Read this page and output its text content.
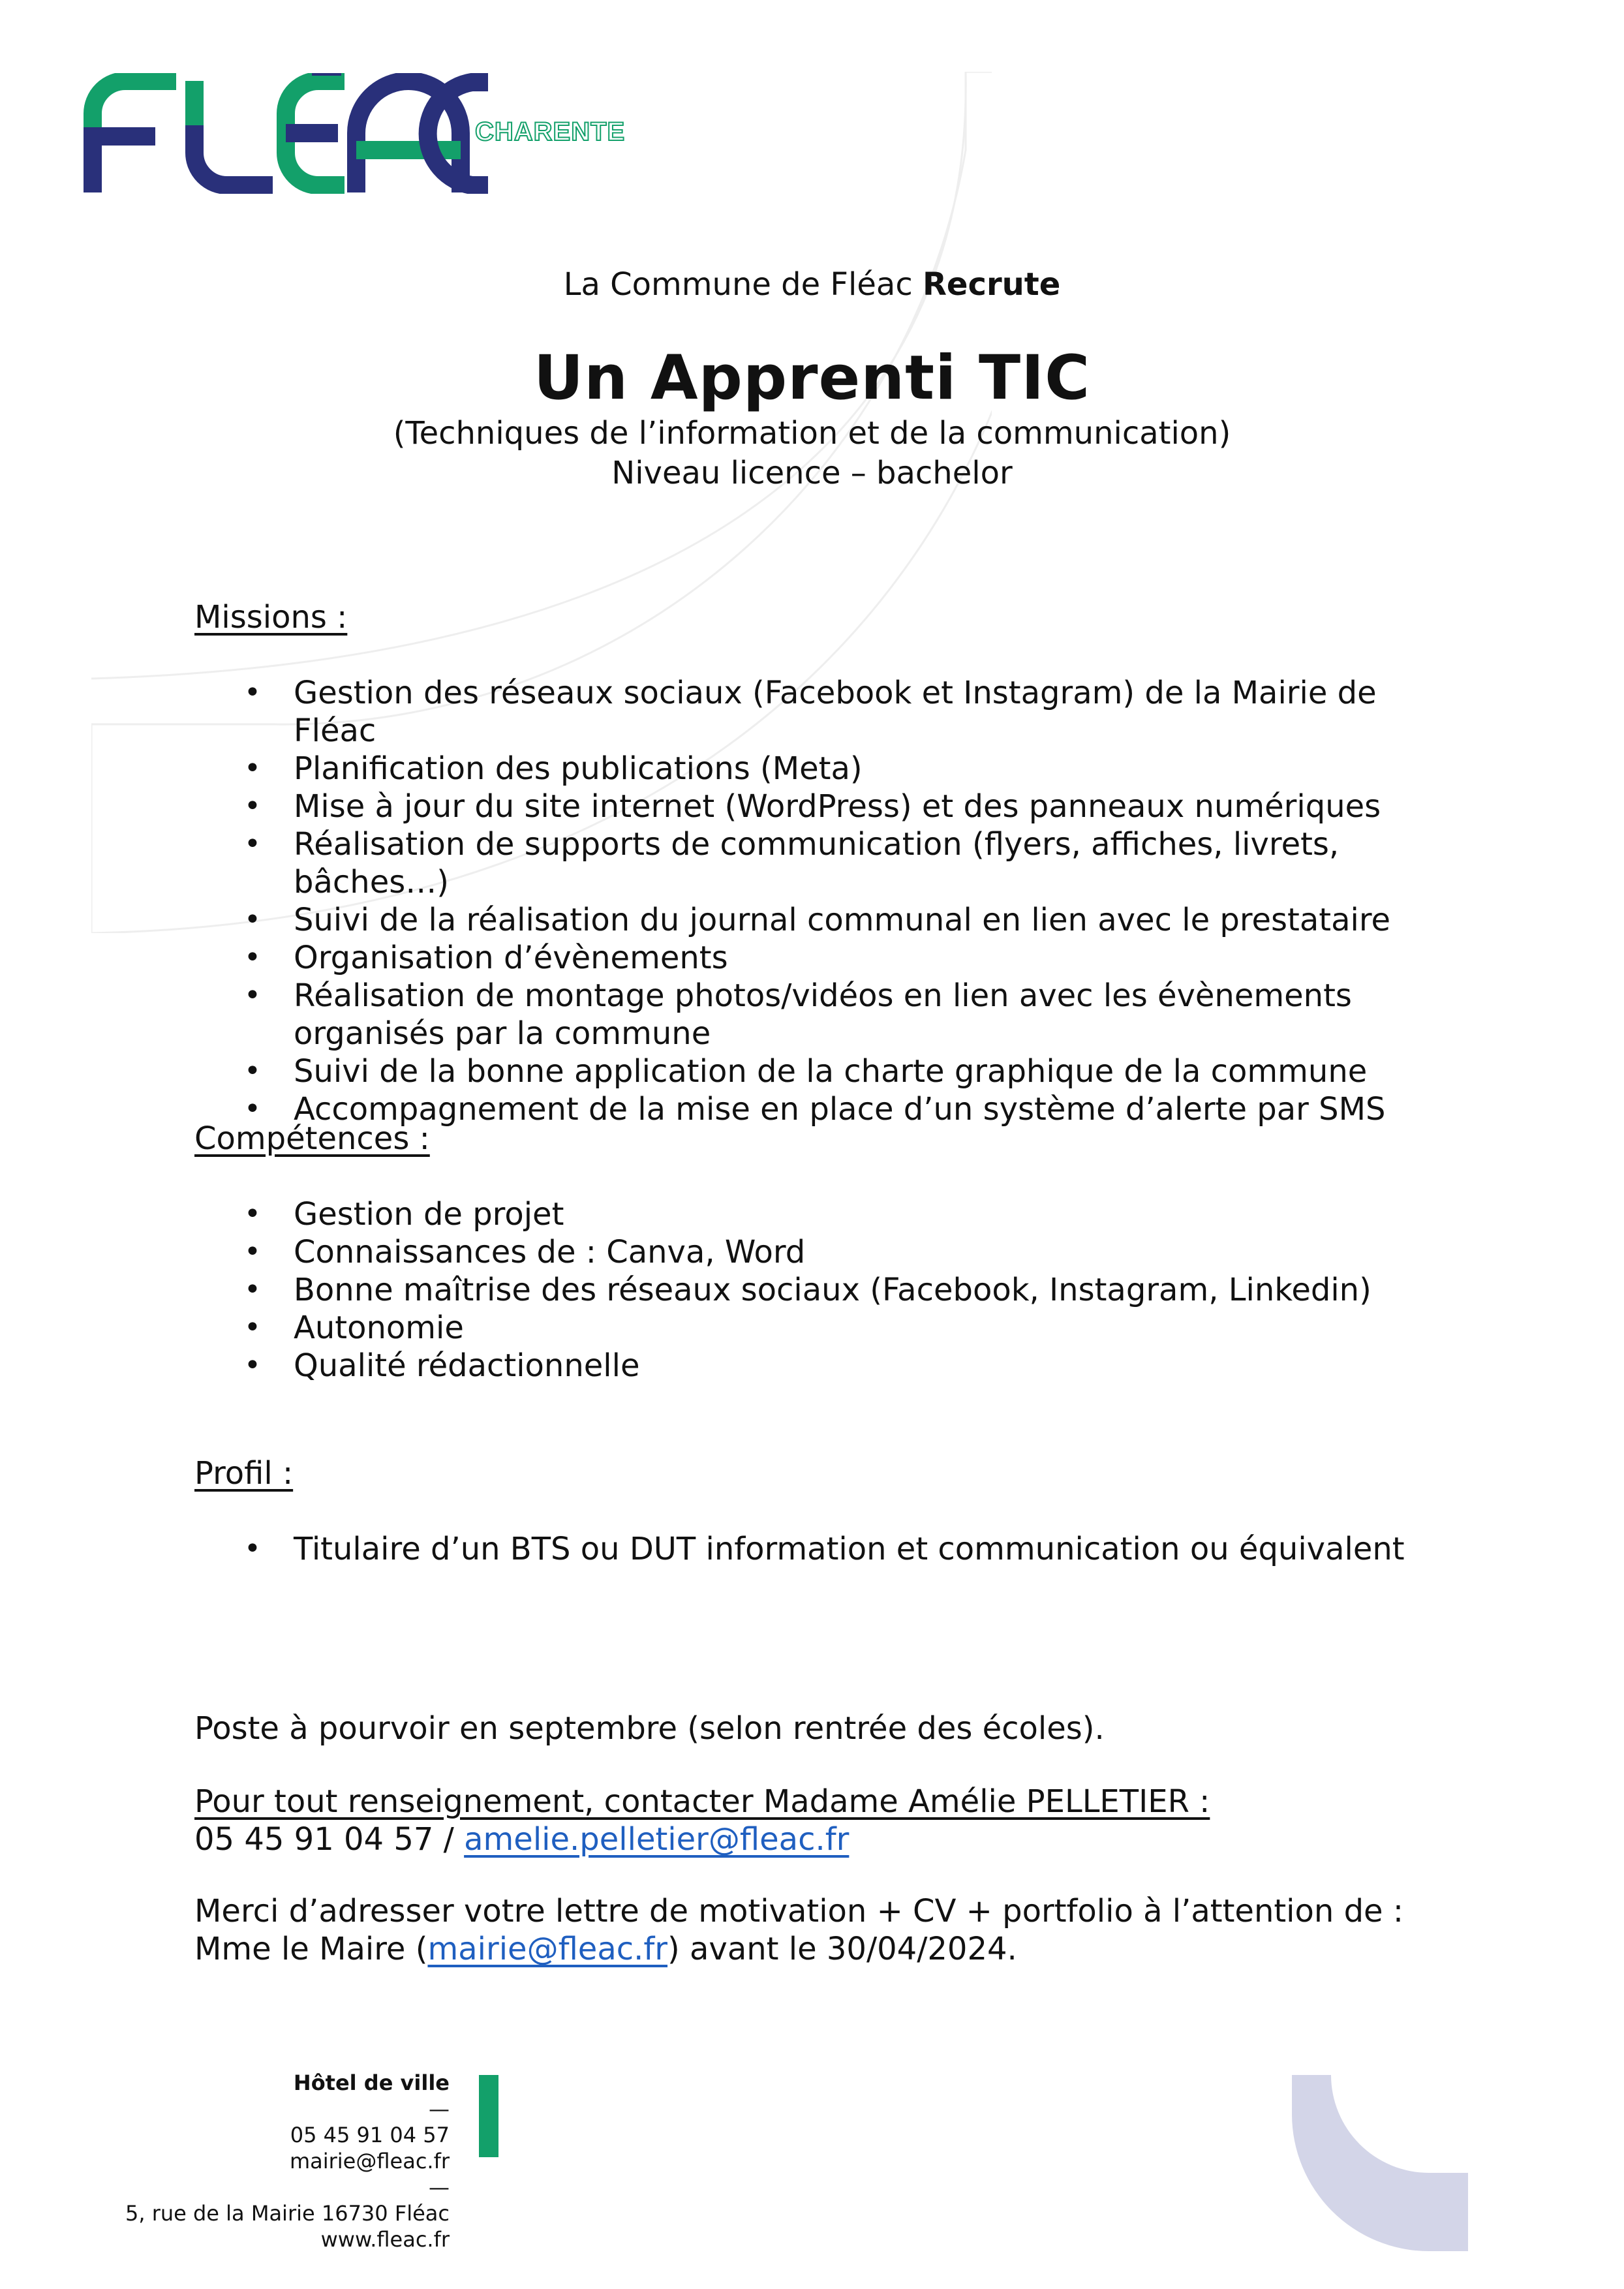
CHARENTE
La Commune de Fléac Recrute
Un Apprenti TIC
(Techniques de l’information et de la communication)
Niveau licence – bachelor
Missions :
• Gestion des réseaux sociaux (Facebook et Instagram) de la Mairie de Fléac
• Planification des publications (Meta)
• Mise à jour du site internet (WordPress) et des panneaux numériques
• Réalisation de supports de communication (flyers, affiches, livrets, bâches…)
• Suivi de la réalisation du journal communal en lien avec le prestataire
• Organisation d’évènements
• Réalisation de montage photos/vidéos en lien avec les évènements organisés par la commune
• Suivi de la bonne application de la charte graphique de la commune
• Accompagnement de la mise en place d’un système d’alerte par SMS
Compétences :
• Gestion de projet
• Connaissances de : Canva, Word
• Bonne maîtrise des réseaux sociaux (Facebook, Instagram, Linkedin)
• Autonomie
• Qualité rédactionnelle
Profil :
• Titulaire d’un BTS ou DUT information et communication ou équivalent
Poste à pourvoir en septembre (selon rentrée des écoles).
Pour tout renseignement, contacter Madame Amélie PELLETIER :
05 45 91 04 57 / amelie.pelletier@fleac.fr
Merci d’adresser votre lettre de motivation + CV + portfolio à l’attention de :
Mme le Maire (mairie@fleac.fr) avant le 30/04/2024.
Hôtel de ville
—
05 45 91 04 57
mairie@fleac.fr
—
5, rue de la Mairie 16730 Fléac
www.fleac.fr
